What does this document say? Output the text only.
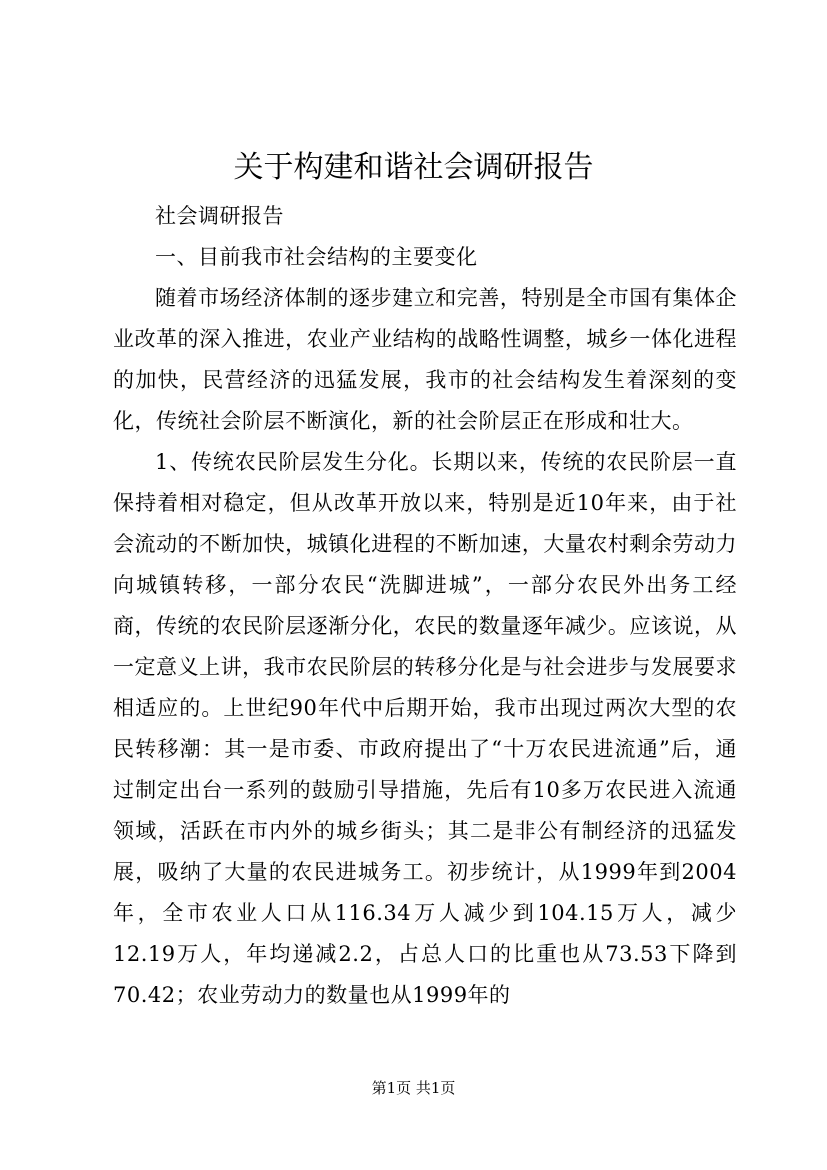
关于构建和谐社会调研报告

社会调研报告

一、目前我市社会结构的主要变化

随着市场经济体制的逐步建立和完善，特别是全市国有集体企业改革的深入推进，农业产业结构的战略性调整，城乡一体化进程的加快，民营经济的迅猛发展，我市的社会结构发生着深刻的变化，传统社会阶层不断演化，新的社会阶层正在形成和壮大。

1、传统农民阶层发生分化。长期以来，传统的农民阶层一直保持着相对稳定，但从改革开放以来，特别是近10年来，由于社会流动的不断加快，城镇化进程的不断加速，大量农村剩余劳动力向城镇转移，一部分农民“洗脚进城”，一部分农民外出务工经商，传统的农民阶层逐渐分化，农民的数量逐年减少。应该说，从一定意义上讲，我市农民阶层的转移分化是与社会进步与发展要求相适应的。上世纪90年代中后期开始，我市出现过两次大型的农民转移潮：其一是市委、市政府提出了“十万农民进流通”后，通过制定出台一系列的鼓励引导措施，先后有10多万农民进入流通领域，活跃在市内外的城乡街头；其二是非公有制经济的迅猛发展，吸纳了大量的农民进城务工。初步统计，从1999年到2004年，全市农业人口从116.34万人减少到104.15万人，减少12.19万人，年均递减2.2，占总人口的比重也从73.53下降到70.42；农业劳动力的数量也从1999年的

第1页 共1页
